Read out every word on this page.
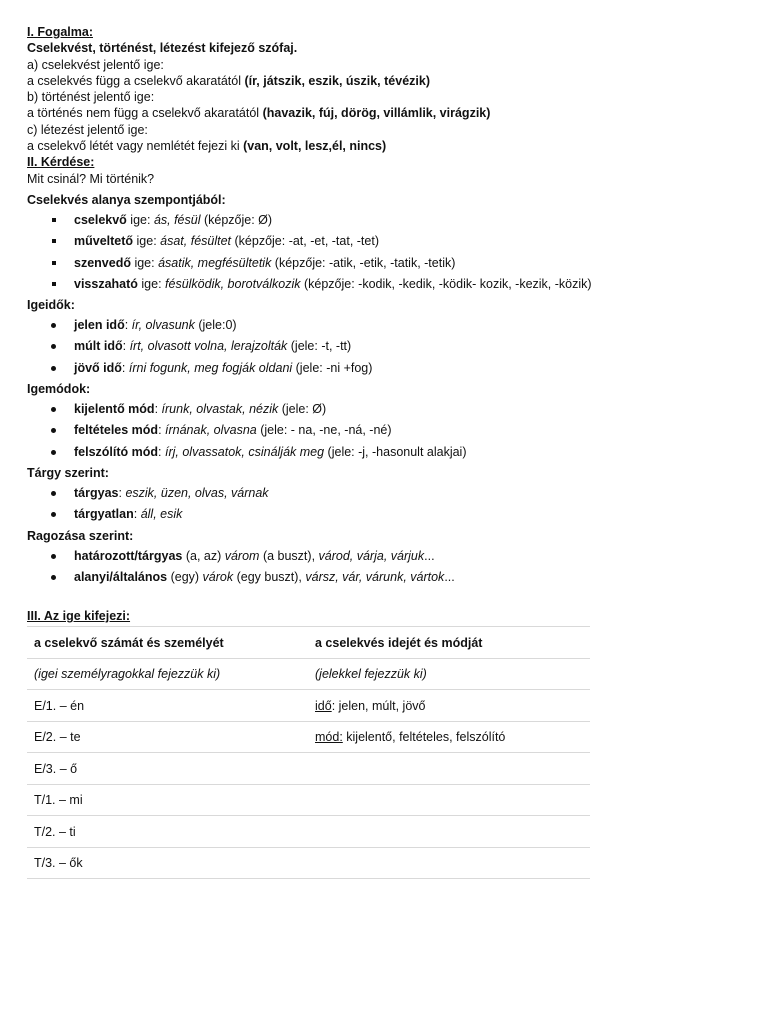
I. Fogalma:
Cselekvést, történést, létezést kifejező szófaj.
a) cselekvést jelentő ige:
a cselekvés függ a cselekvő akaratától (ír, játszik, eszik, úszik, tévézik)
b) történést jelentő ige:
a történés nem függ a cselekvő akaratától (havazik, fúj, dörög, villámlik, virágzik)
c) létezést jelentő ige:
a cselekvő létét vagy nemlétét fejezi ki (van, volt, lesz,él, nincs)
II. Kérdése:
Mit csinál? Mi történik?
Cselekvés alanya szempontjából:
cselekvő ige: ás, fésül (képzője: Ø)
műveltető ige: ásat, fésültet (képzője: -at, -et, -tat, -tet)
szenvedő ige: ásatik, megfésültetik (képzője: -atik, -etik, -tatik, -tetik)
visszaható ige: fésülködik, borotválkozik (képzője: -kodik, -kedik, -ködik- kozik, -kezik, -közik)
Igeidők:
jelen idő: ír, olvasunk (jele:0)
múlt idő: írt, olvasott volna, lerajzolták (jele: -t, -tt)
jövő idő: írni fogunk, meg fogják oldani (jele: -ni +fog)
Igemódok:
kijelentő mód: írunk, olvastak, nézik (jele: Ø)
feltételes mód: írnának, olvasna (jele: - na, -ne, -ná, -né)
felszólító mód: írj, olvassatok, csinálják meg (jele: -j, -hasonult alakjai)
Tárgy szerint:
tárgyas: eszik, üzen, olvas, várnak
tárgyatlan: áll, esik
Ragozása szerint:
határozott/tárgyas (a, az) várom (a buszt), várod, várja, várjuk...
alanyi/általános (egy) várok (egy buszt), vársz, vár, várunk, vártok...
III. Az ige kifejezi:
a cselekvő számát és személyét	a cselekvés idejét és módját
(igei személyragokkal fejezzük ki)	(jelekkel fejezzük ki)
E/1. – én	idő: jelen, múlt, jövő
E/2. – te	mód: kijelentő, feltételes, felszólító
E/3. – ő	
T/1. – mi	
T/2. – ti	
T/3. – ők	
